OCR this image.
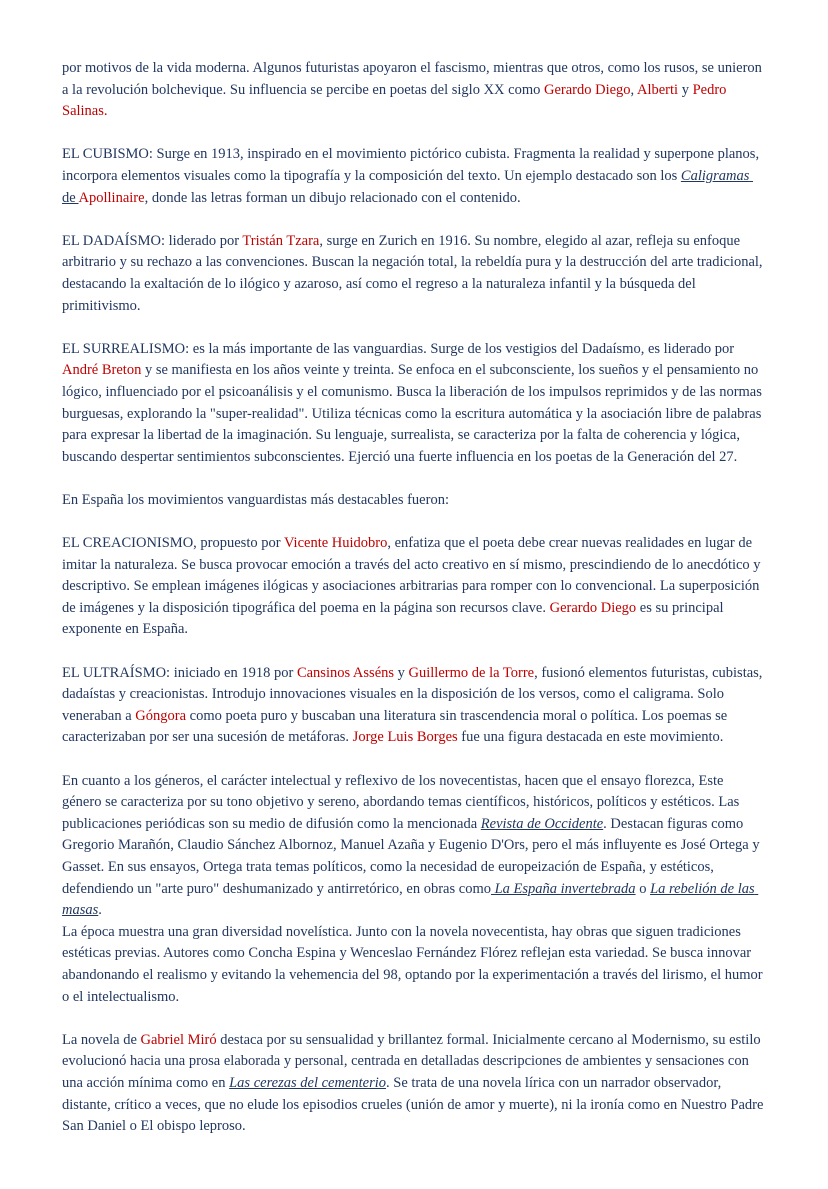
por motivos de la vida moderna. Algunos futuristas apoyaron el fascismo, mientras que otros, como los rusos, se unieron a la revolución bolchevique. Su influencia se percibe en poetas del siglo XX como Gerardo Diego, Alberti y Pedro Salinas.

EL CUBISMO: Surge en 1913, inspirado en el movimiento pictórico cubista. Fragmenta la realidad y superpone planos, incorpora elementos visuales como la tipografía y la composición del texto. Un ejemplo destacado son los Caligramas de Apollinaire, donde las letras forman un dibujo relacionado con el contenido.

EL DADAÍSMO: liderado por Tristán Tzara, surge en Zurich en 1916. Su nombre, elegido al azar, refleja su enfoque arbitrario y su rechazo a las convenciones. Buscan la negación total, la rebeldía pura y la destrucción del arte tradicional, destacando la exaltación de lo ilógico y azaroso, así como el regreso a la naturaleza infantil y la búsqueda del primitivismo.

EL SURREALISMO: es la más importante de las vanguardias. Surge de los vestigios del Dadaísmo, es liderado por André Breton y se manifiesta en los años veinte y treinta. Se enfoca en el subconsciente, los sueños y el pensamiento no lógico, influenciado por el psicoanálisis y el comunismo. Busca la liberación de los impulsos reprimidos y de las normas burguesas, explorando la "super-realidad". Utiliza técnicas como la escritura automática y la asociación libre de palabras para expresar la libertad de la imaginación. Su lenguaje, surrealista, se caracteriza por la falta de coherencia y lógica, buscando despertar sentimientos subconscientes. Ejerció una fuerte influencia en los poetas de la Generación del 27.

En España los movimientos vanguardistas más destacables fueron:

EL CREACIONISMO, propuesto por Vicente Huidobro, enfatiza que el poeta debe crear nuevas realidades en lugar de imitar la naturaleza. Se busca provocar emoción a través del acto creativo en sí mismo, prescindiendo de lo anecdótico y descriptivo. Se emplean imágenes ilógicas y asociaciones arbitrarias para romper con lo convencional. La superposición de imágenes y la disposición tipográfica del poema en la página son recursos clave. Gerardo Diego es su principal exponente en España.

EL ULTRAÍSMO: iniciado en 1918 por Cansinos Asséns y Guillermo de la Torre, fusionó elementos futuristas, cubistas, dadaístas y creacionistas. Introdujo innovaciones visuales en la disposición de los versos, como el caligrama. Solo veneraban a Góngora como poeta puro y buscaban una literatura sin trascendencia moral o política. Los poemas se caracterizaban por ser una sucesión de metáforas. Jorge Luis Borges fue una figura destacada en este movimiento.

En cuanto a los géneros, el carácter intelectual y reflexivo de los novecentistas, hacen que el ensayo florezca, Este género se caracteriza por su tono objetivo y sereno, abordando temas científicos, históricos, políticos y estéticos. Las publicaciones periódicas son su medio de difusión como la mencionada Revista de Occidente. Destacan figuras como Gregorio Marañón, Claudio Sánchez Albornoz, Manuel Azaña y Eugenio D'Ors, pero el más influyente es José Ortega y Gasset. En sus ensayos, Ortega trata temas políticos, como la necesidad de europeización de España, y estéticos, defendiendo un "arte puro" deshumanizado y antirretórico, en obras como La España invertebrada o La rebelión de las masas.

La época muestra una gran diversidad novelística. Junto con la novela novecentista, hay obras que siguen tradiciones estéticas previas. Autores como Concha Espina y Wenceslao Fernández Flórez reflejan esta variedad. Se busca innovar abandonando el realismo y evitando la vehemencia del 98, optando por la experimentación a través del lirismo, el humor o el intelectualismo.

La novela de Gabriel Miró destaca por su sensualidad y brillantez formal. Inicialmente cercano al Modernismo, su estilo evolucionó hacia una prosa elaborada y personal, centrada en detalladas descripciones de ambientes y sensaciones con una acción mínima como en Las cerezas del cementerio. Se trata de una novela lírica con un narrador observador, distante, crítico a veces, que no elude los episodios crueles (unión de amor y muerte), ni la ironía como en Nuestro Padre San Daniel o El obispo leproso.
